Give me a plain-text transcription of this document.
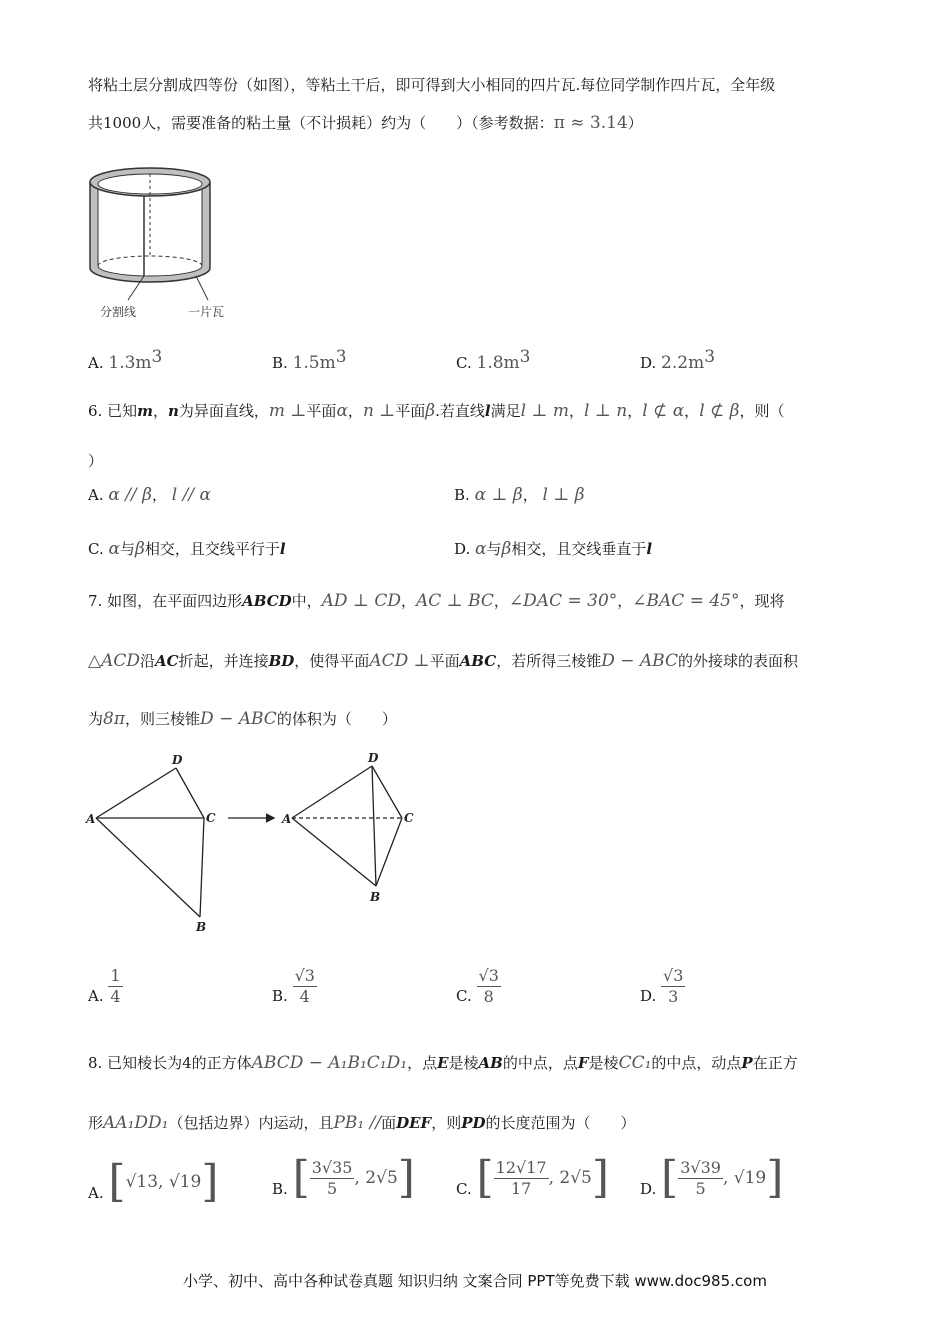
将粘土层分割成四等份（如图），等粘土干后，即可得到大小相同的四片瓦.每位同学制作四片瓦，全年级
共1000人，需要准备的粘土量（不计损耗）约为（　　）（参考数据：π ≈ 3.14）
分割线	一片瓦
A. $1.3m^3$	B. $1.5m^3$	C. $1.8m^3$	D. $2.2m^3$
6. 已知m，n为异面直线，m ⊥平面α，n ⊥平面β.若直线l满足l ⊥ m，l ⊥ n，l ⊄ α，l ⊄ β，则（
）
A. α // β， l // α	B. α ⊥ β， l ⊥ β
C. α与β相交，且交线平行于l	D. α与β相交，且交线垂直于l
7. 如图，在平面四边形ABCD中，AD ⊥ CD，AC ⊥ BC，∠DAC = 30°，∠BAC = 45°，现将
△ACD沿AC折起，并连接BD，使得平面ACD ⊥平面ABC，若所得三棱锥D − ABC的外接球的表面积
为8π，则三棱锥D − ABC的体积为（　　）
A
D
C
B
A
D
C
B
A. $\frac{1}{4}$	B. $\frac{√3}{4}$	C. $\frac{√3}{8}$	D. $\frac{√3}{3}$
8. 已知棱长为4的正方体ABCD − A₁B₁C₁D₁，点E是棱AB的中点，点F是棱CC₁的中点，动点P在正方
形AA₁DD₁（包括边界）内运动，且PB₁ //面DEF，则PD的长度范围为（　　）
A. [√13, √19]	B. [ $\frac{3√35}{5}$ , 2√5]	C. [ $\frac{12√17}{17}$ , 2√5] D. [ $\frac{3√39}{5}$ , √19]
小学、初中、高中各种试卷真题 知识归纳 文案合同 PPT等免费下载 www.doc985.com
